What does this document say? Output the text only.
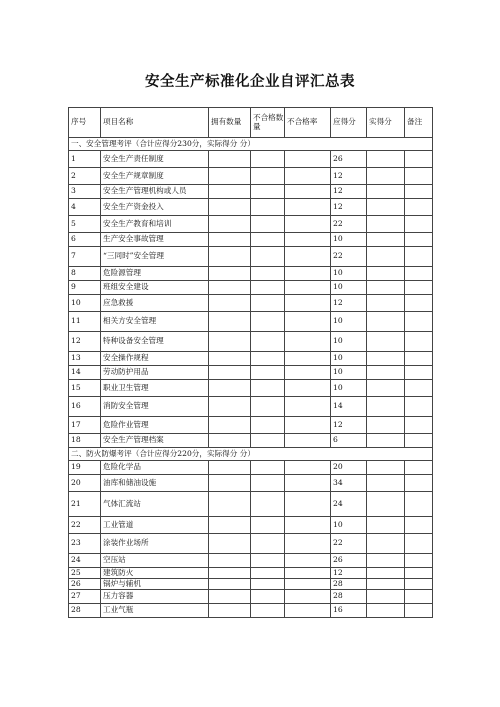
安全生产标准化企业自评汇总表
序号	项目名称	拥有数量	不合格数量	不合格率	应得分	实得分	备注
一、安全管理考评（合计应得分230分，实际得分 分）							
1	安全生产责任制度				26		
2	安全生产规章制度				12		
3	安全生产管理机构或人员				12		
4	安全生产资金投入				12		
5	安全生产教育和培训				22		
6	生产安全事故管理				10		
7	“三同时”安全管理				22		
8	危险源管理				10		
9	班组安全建设				10		
10	应急救援				12		
11	相关方安全管理				10		
12	特种设备安全管理				10		
13	安全操作规程				10		
14	劳动防护用品				10		
15	职业卫生管理				10		
16	消防安全管理				14		
17	危险作业管理				12		
18	安全生产管理档案				6		
二、防火防爆考评（合计应得分220分，实际得分 分）							
19	危险化学品				20		
20	油库和储油设施				34		
21	气体汇流站				24		
22	工业管道				10		
23	涂装作业场所				22		
24	空压站				26		
25	建筑防火				12		
26	锅炉与辅机				28		
27	压力容器				28		
28	工业气瓶				16		
